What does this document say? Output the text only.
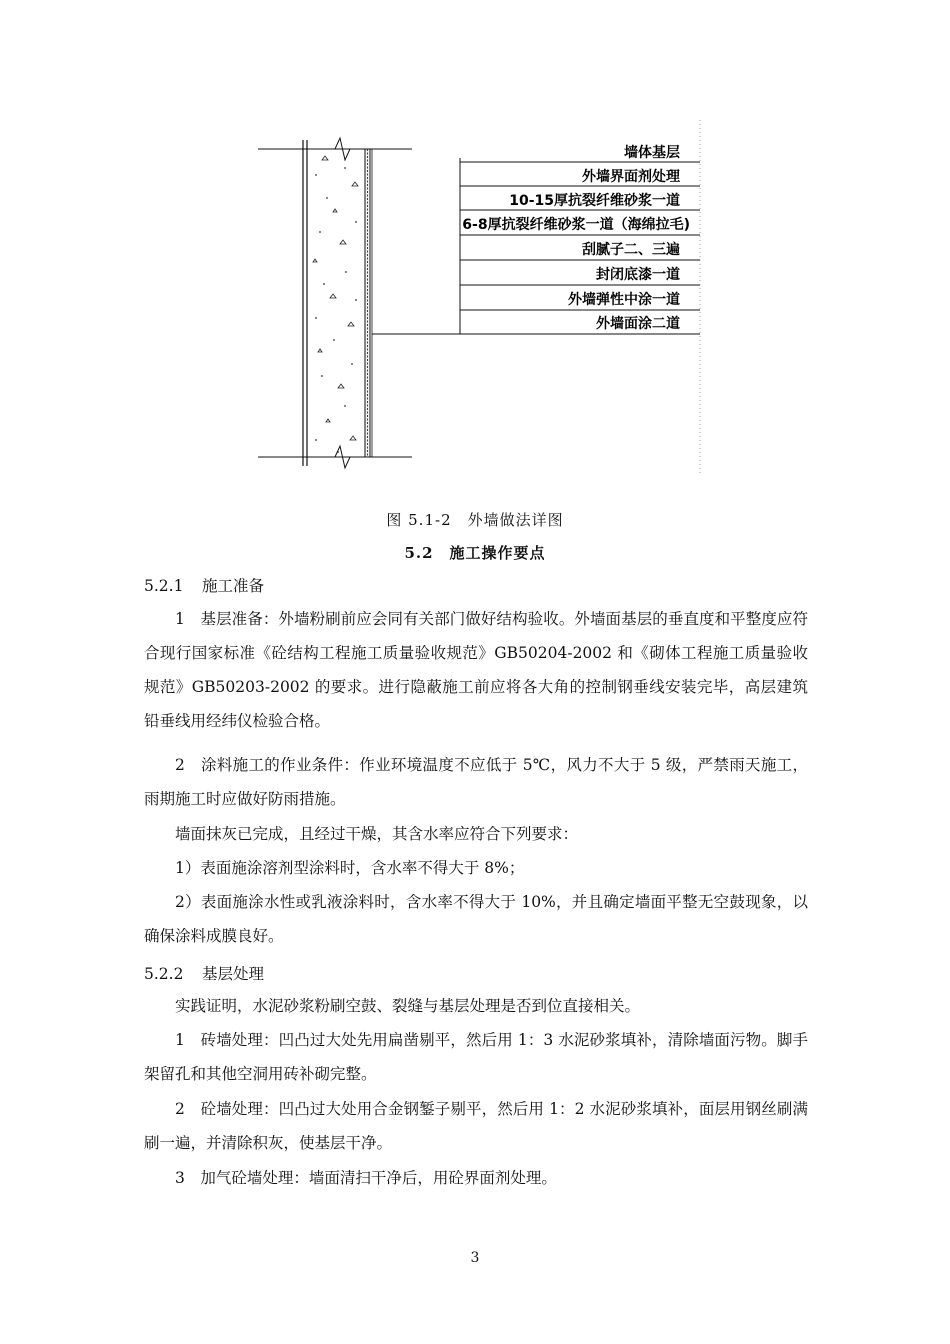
墙体基层
外墙界面剂处理
10-15厚抗裂纤维砂浆一道
6-8厚抗裂纤维砂浆一道（海绵拉毛)
刮腻子二、三遍
封闭底漆一道
外墙弹性中涂一道
外墙面涂二道
图 5.1-2　外墙做法详图
5.2　施工操作要点
5.2.1 施工准备

1　基层准备：外墙粉刷前应会同有关部门做好结构验收。外墙面基层的垂直度和平整度应符合现行国家标准《砼结构工程施工质量验收规范》GB50204-2002 和《砌体工程施工质量验收规范》GB50203-2002 的要求。进行隐蔽施工前应将各大角的控制钢垂线安装完毕，高层建筑铅垂线用经纬仪检验合格。

2　涂料施工的作业条件：作业环境温度不应低于 5℃，风力不大于 5 级，严禁雨天施工，雨期施工时应做好防雨措施。

墙面抹灰已完成，且经过干燥，其含水率应符合下列要求：

1）表面施涂溶剂型涂料时，含水率不得大于 8%；

2）表面施涂水性或乳液涂料时，含水率不得大于 10%，并且确定墙面平整无空鼓现象，以确保涂料成膜良好。

5.2.2 基层处理

实践证明，水泥砂浆粉刷空鼓、裂缝与基层处理是否到位直接相关。

1　砖墙处理：凹凸过大处先用扁凿剔平，然后用 1：3 水泥砂浆填补，清除墙面污物。脚手架留孔和其他空洞用砖补砌完整。

2　砼墙处理：凹凸过大处用合金钢錾子剔平，然后用 1：2 水泥砂浆填补，面层用钢丝刷满刷一遍，并清除积灰，使基层干净。

3　加气砼墙处理：墙面清扫干净后，用砼界面剂处理。

3
